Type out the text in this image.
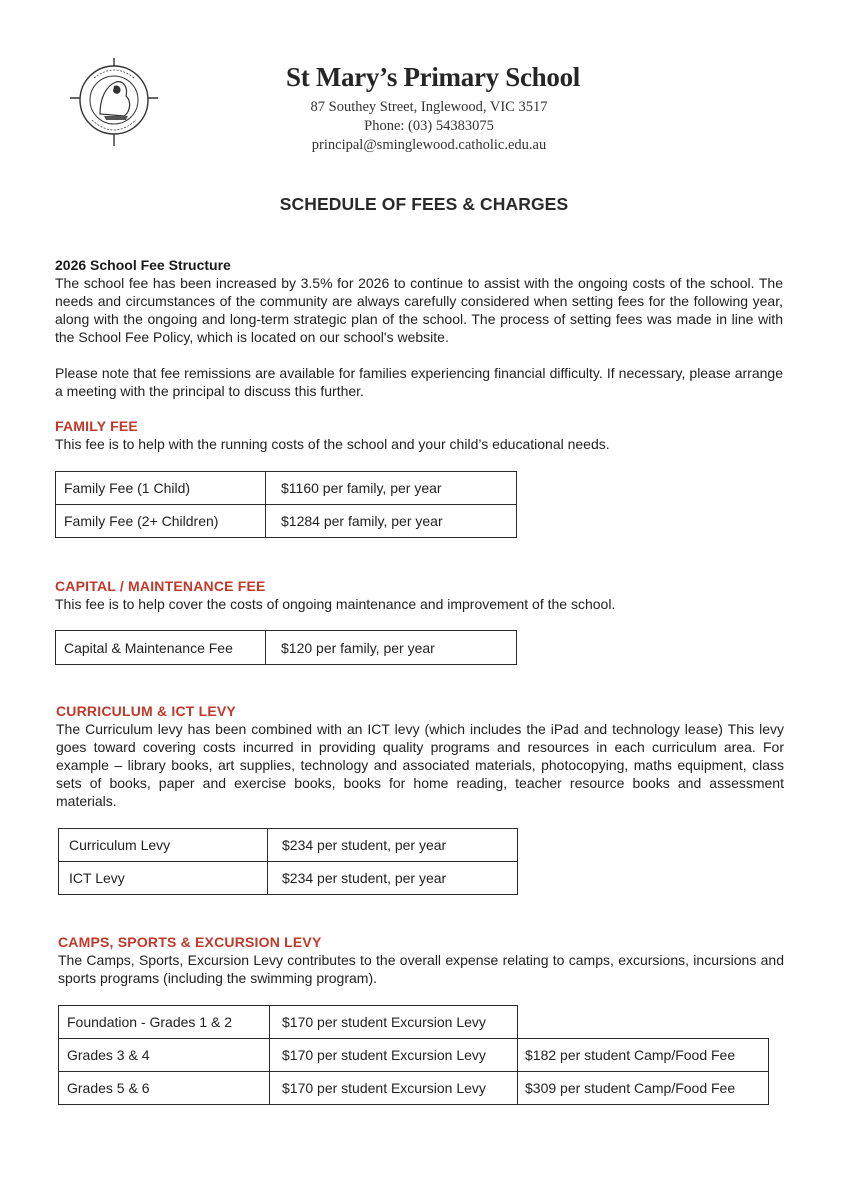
St Mary’s Primary School
87 Southey Street, Inglewood, VIC 3517
Phone: (03) 54383075
principal@sminglewood.catholic.edu.au
SCHEDULE OF FEES & CHARGES
2026 School Fee Structure

The school fee has been increased by 3.5% for 2026 to continue to assist with the ongoing costs of the school. The needs and circumstances of the community are always carefully considered when setting fees for the following year, along with the ongoing and long-term strategic plan of the school. The process of setting fees was made in line with the School Fee Policy, which is located on our school's website.

Please note that fee remissions are available for families experiencing financial difficulty. If necessary, please arrange a meeting with the principal to discuss this further.

FAMILY FEE

This fee is to help with the running costs of the school and your child’s educational needs.

Family Fee (1 Child)	$1160 per family, per year
Family Fee (2+ Children)	$1284 per family, per year
CAPITAL / MAINTENANCE FEE

This fee is to help cover the costs of ongoing maintenance and improvement of the school.

Capital & Maintenance Fee	$120 per family, per year
CURRICULUM & ICT LEVY

The Curriculum levy has been combined with an ICT levy (which includes the iPad and technology lease) This levy goes toward covering costs incurred in providing quality programs and resources in each curriculum area. For example – library books, art supplies, technology and associated materials, photocopying, maths equipment, class sets of books, paper and exercise books, books for home reading, teacher resource books and assessment materials.

Curriculum Levy	$234 per student, per year
ICT Levy	$234 per student, per year
CAMPS, SPORTS & EXCURSION LEVY

The Camps, Sports, Excursion Levy contributes to the overall expense relating to camps, excursions, incursions and sports programs (including the swimming program).

Foundation - Grades 1 & 2	$170 per student Excursion Levy	
Grades 3 & 4	$170 per student Excursion Levy	$182 per student Camp/Food Fee
Grades 5 & 6	$170 per student Excursion Levy	$309 per student Camp/Food Fee
